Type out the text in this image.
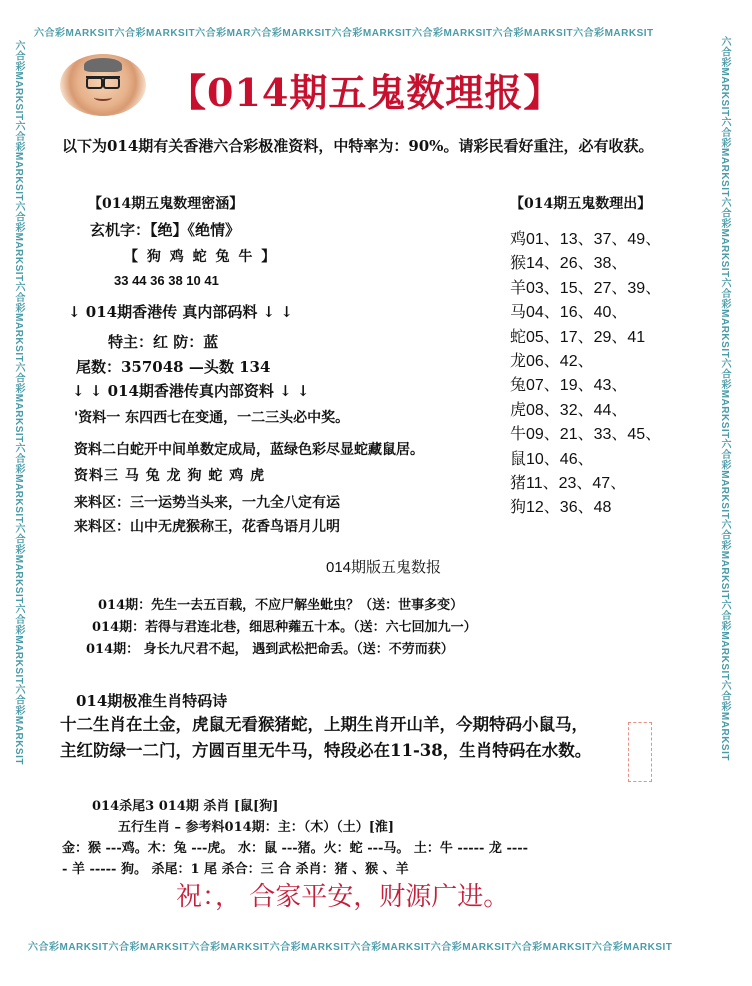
六合彩MARKSIT六合彩MARKSIT六合彩MAR六合彩MARKSIT六合彩MARKSIT六合彩MARKSIT六合彩MARKSIT六合彩MARKSIT
六合彩MARKSIT六合彩MARKSIT六合彩MARKSIT六合彩MARKSIT六合彩MARKSIT六合彩MARKSIT六合彩MARKSIT六合彩MARKSIT
六合彩MARKSIT六合彩MARKSIT六合彩MARKSIT六合彩MARKSIT六合彩MARKSIT六合彩MARKSIT六合彩MARKSIT六合彩MARKSIT六合彩MARKSIT	六合彩MARKSIT六合彩MARKSIT六合彩MARKSIT六合彩MARKSIT六合彩MARKSIT六合彩MARKSIT六合彩MARKSIT六合彩MARKSIT六合彩MARKSIT
【014期五鬼数理报】
以下为014期有关香港六合彩极准资料，中特率为：90%。请彩民看好重注，必有收获。
【014期五鬼数理密涵】
玄机字：【绝】《绝情》
【 狗 鸡 蛇 兔 牛 】
33 44 36 38 10 41
↓ 014期香港传 真内部码料 ↓ ↓
特主：红 防：蓝
尾数：357048 —头数 134
↓ ↓ 014期香港传真内部资料 ↓ ↓
'资料一 东四西七在变通，一二三头必中奖。
资料二白蛇开中间单数定成局，蓝绿色彩尽显蛇藏鼠居。
资料三 马 兔 龙 狗 蛇 鸡 虎
来料区：三一运势当头来，一九全八定有运
来料区：山中无虎猴称王，花香鸟语月儿明
【014期五鬼数理出】
鸡01、13、37、49、
猴14、26、38、
羊03、15、27、39、
马04、16、40、
蛇05、17、29、41
龙06、42、
兔07、19、43、
虎08、32、44、
牛09、21、33、45、
鼠10、46、
猪11、23、47、
狗12、36、48
014期版五鬼数报
014期：先生一去五百载，不应尸解坐蚍虫？（送：世事多变）
014期：若得与君连北巷，细思种蕹五十本。（送：六七回加九一）
014期： 身长九尺君不起， 遇到武松把命丢。（送：不劳而获）
014期极准生肖特码诗
十二生肖在土金，虎鼠无看猴猪蛇，上期生肖开山羊，今期特码小鼠马，
主红防绿一二门，方圆百里无牛马，特段必在11-38，生肖特码在水数。
014杀尾3 014期 杀肖 [鼠[狗]
五行生肖 – 参考料014期：主：（木）（土）[淮]
金：猴 ---鸡。木：兔 ---虎。 水：鼠 ---猪。火：蛇 ---马。 土：牛 ----- 龙 ----
- 羊 ----- 狗。 杀尾：1 尾 杀合：三 合 杀肖：猪 、猴 、羊
祝：， 合家平安，财源广进。
